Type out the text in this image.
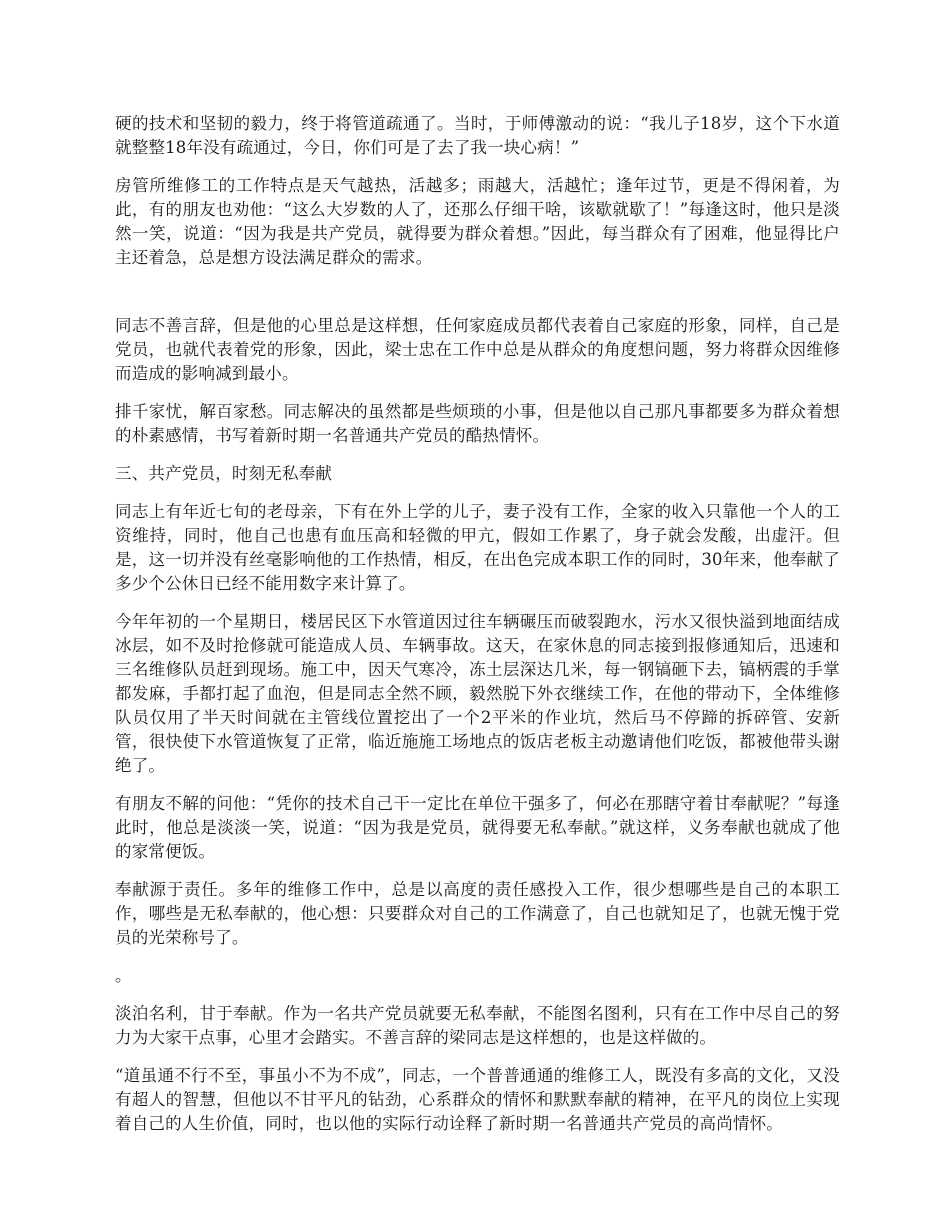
硬的技术和坚韧的毅力，终于将管道疏通了。当时，于师傅激动的说：“我儿子18岁，这个下水道就整整18年没有疏通过，今日，你们可是了去了我一块心病！”

房管所维修工的工作特点是天气越热，活越多；雨越大，活越忙；逢年过节，更是不得闲着，为此，有的朋友也劝他：“这么大岁数的人了，还那么仔细干啥，该歇就歇了！”每逢这时，他只是淡然一笑，说道：“因为我是共产党员，就得要为群众着想。”因此，每当群众有了困难，他显得比户主还着急，总是想方设法满足群众的需求。

同志不善言辞，但是他的心里总是这样想，任何家庭成员都代表着自己家庭的形象，同样，自己是党员，也就代表着党的形象，因此，梁士忠在工作中总是从群众的角度想问题，努力将群众因维修而造成的影响减到最小。

排千家忧，解百家愁。同志解决的虽然都是些烦琐的小事，但是他以自己那凡事都要多为群众着想的朴素感情，书写着新时期一名普通共产党员的酷热情怀。

三、共产党员，时刻无私奉献

同志上有年近七旬的老母亲，下有在外上学的儿子，妻子没有工作，全家的收入只靠他一个人的工资维持，同时，他自己也患有血压高和轻微的甲亢，假如工作累了，身子就会发酸，出虚汗。但是，这一切并没有丝毫影响他的工作热情，相反，在出色完成本职工作的同时，30年来，他奉献了多少个公休日已经不能用数字来计算了。

今年年初的一个星期日，楼居民区下水管道因过往车辆碾压而破裂跑水，污水又很快溢到地面结成冰层，如不及时抢修就可能造成人员、车辆事故。这天，在家休息的同志接到报修通知后，迅速和三名维修队员赶到现场。施工中，因天气寒冷，冻土层深达几米，每一钢镐砸下去，镐柄震的手掌都发麻，手都打起了血泡，但是同志全然不顾，毅然脱下外衣继续工作，在他的带动下，全体维修队员仅用了半天时间就在主管线位置挖出了一个2平米的作业坑，然后马不停蹄的拆碎管、安新管，很快使下水管道恢复了正常，临近施施工场地点的饭店老板主动邀请他们吃饭，都被他带头谢绝了。

有朋友不解的问他：“凭你的技术自己干一定比在单位干强多了，何必在那瞎守着甘奉献呢？”每逢此时，他总是淡淡一笑，说道：“因为我是党员，就得要无私奉献。”就这样，义务奉献也就成了他的家常便饭。

奉献源于责任。多年的维修工作中，总是以高度的责任感投入工作，很少想哪些是自己的本职工作，哪些是无私奉献的，他心想：只要群众对自己的工作满意了，自己也就知足了，也就无愧于党员的光荣称号了。

。

淡泊名利，甘于奉献。作为一名共产党员就要无私奉献，不能图名图利，只有在工作中尽自己的努力为大家干点事，心里才会踏实。不善言辞的梁同志是这样想的，也是这样做的。

“道虽通不行不至，事虽小不为不成”，同志，一个普普通通的维修工人，既没有多高的文化，又没有超人的智慧，但他以不甘平凡的钻劲，心系群众的情怀和默默奉献的精神，在平凡的岗位上实现着自己的人生价值，同时，也以他的实际行动诠释了新时期一名普通共产党员的高尚情怀。
